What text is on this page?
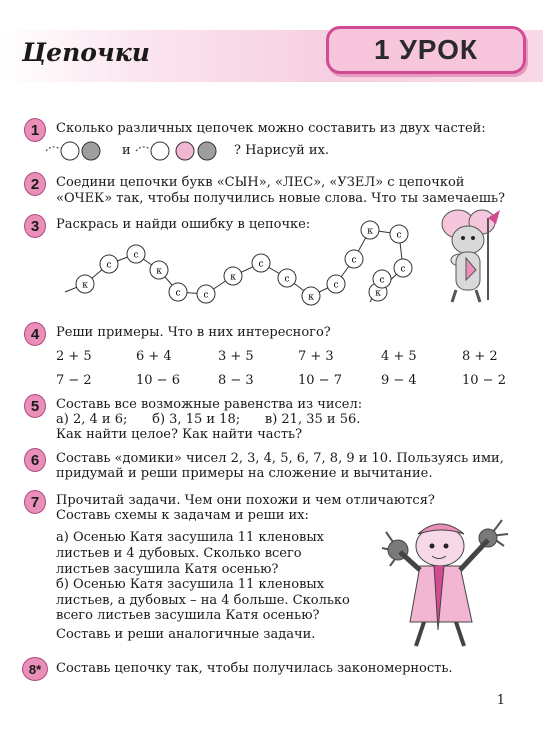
Цепочки	1 УРОК
1	Сколько различных цепочек можно составить из двух частей:
и	? Нарисуй их.
2	Соедини цепочки букв «СЫН», «ЛЕС», «УЗЕЛ» с цепочкой
«ОЧЕК» так, чтобы получились новые слова. Что ты замечаешь?
3	Раскрась и найди ошибку в цепочке:
к
с
с
к
с	с
к
с
с
к
с
с
к	с
с
к
с
4	Реши примеры. Что в них интересного?
2 + 5	6 + 4	3 + 5	7 + 3	4 + 5	8 + 2
7 − 2	10 − 6	8 − 3	10 − 7	9 − 4	10 − 2
5	Составь все возможные равенства из чисел:
а) 2, 4 и 6;      б) 3, 15 и 18;      в) 21, 35 и 56.
Как найти целое? Как найти часть?
6	Составь «домики» чисел 2, 3, 4, 5, 6, 7, 8, 9 и 10. Пользуясь ими,
придумай и реши примеры на сложение и вычитание.
7	Прочитай задачи. Чем они похожи и чем отличаются?
Составь схемы к задачам и реши их:
а) Осенью Катя засушила 11 кленовых
листьев и 4 дубовых. Сколько всего
листьев засушила Катя осенью?
б) Осенью Катя засушила 11 кленовых
листьев, а дубовых – на 4 больше. Сколько
всего листьев засушила Катя осенью?
Составь и реши аналогичные задачи.
8*	Составь цепочку так, чтобы получилась закономерность.
1
